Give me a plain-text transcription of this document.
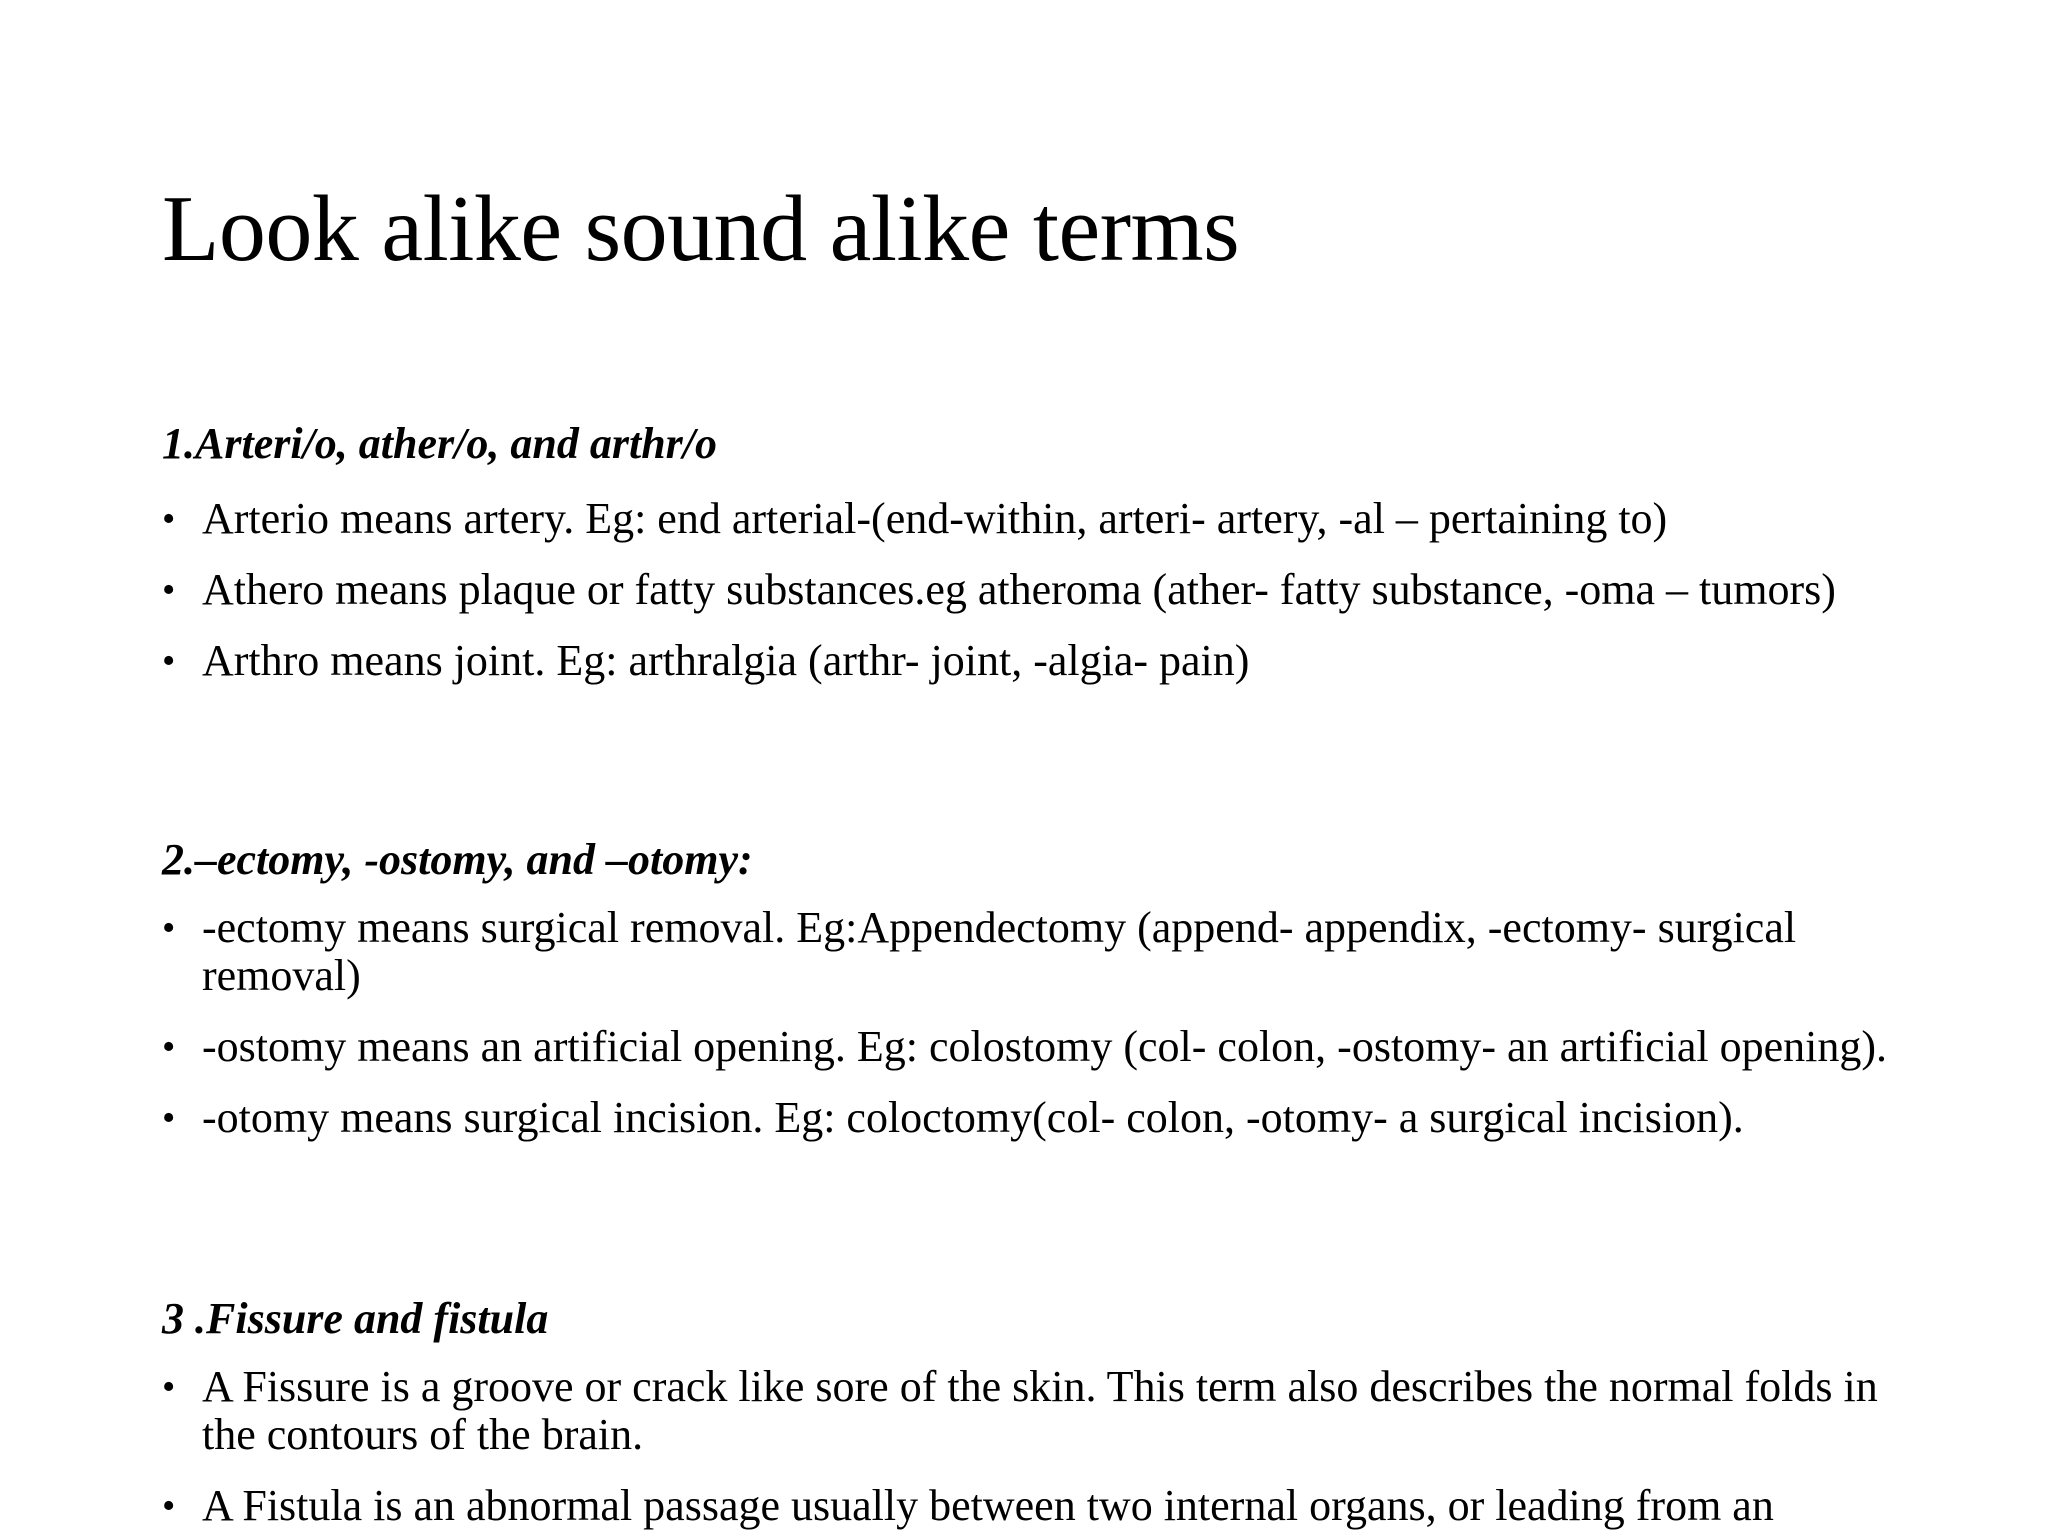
Look alike sound alike terms
1.Arteri/o, ather/o, and arthr/o
• Arterio means artery. Eg: end arterial-(end-within, arteri- artery, -al – pertaining to)
• Athero means plaque or fatty substances.eg atheroma (ather- fatty substance, -oma – tumors)
• Arthro means joint. Eg: arthralgia (arthr- joint, -algia- pain)
2.–ectomy, -ostomy, and –otomy:
• -ectomy means surgical removal. Eg:Appendectomy (append- appendix, -ectomy- surgical removal)
• -ostomy means an artificial opening. Eg: colostomy (col- colon, -ostomy- an artificial opening).
• -otomy means surgical incision. Eg: coloctomy(col- colon, -otomy- a surgical incision).
3 .Fissure and fistula
• A Fissure is a groove or crack like sore of the skin. This term also describes the normal folds in the contours of the brain.
• A Fistula is an abnormal passage usually between two internal organs, or leading from an
